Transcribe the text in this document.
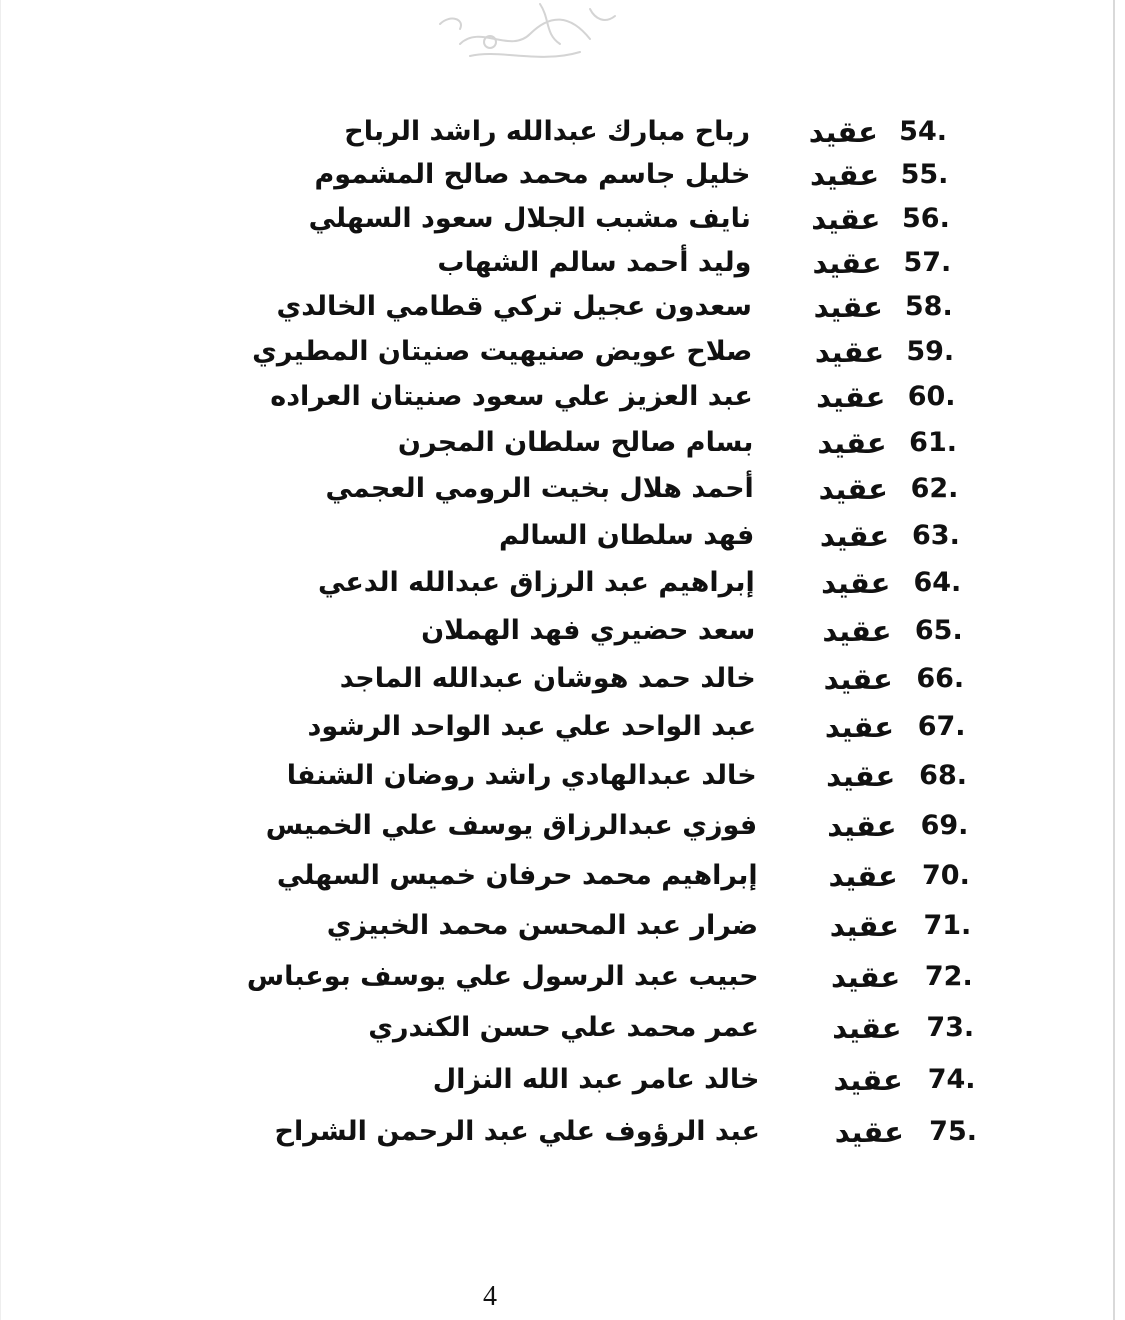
54.
عقيد
رباح مبارك عبدالله راشد الرباح
55.
عقيد
خليل جاسم محمد صالح المشموم
56.
عقيد
نايف مشبب الجلال سعود السهلي
57.
عقيد
وليد أحمد سالم الشهاب
58.
عقيد
سعدون عجيل تركي قطامي الخالدي
59.
عقيد
صلاح عويض صنيهيت صنيتان المطيري
60.
عقيد
عبد العزيز علي سعود صنيتان العراده
61.
عقيد
بسام صالح سلطان المجرن
62.
عقيد
أحمد هلال بخيت الرومي العجمي
63.
عقيد
فهد سلطان السالم
64.
عقيد
إبراهيم عبد الرزاق عبدالله الدعي
65.
عقيد
سعد حضيري فهد الهملان
66.
عقيد
خالد حمد هوشان عبدالله الماجد
67.
عقيد
عبد الواحد علي عبد الواحد الرشود
68.
عقيد
خالد عبدالهادي راشد روضان الشنفا
69.
عقيد
فوزي عبدالرزاق يوسف علي الخميس
70.
عقيد
إبراهيم محمد حرفان خميس السهلي
71.
عقيد
ضرار عبد المحسن محمد الخبيزي
72.
عقيد
حبيب عبد الرسول علي يوسف بوعباس
73.
عقيد
عمر محمد علي حسن الكندري
74.
عقيد
خالد عامر عبد الله النزال
75.
عقيد
عبد الرؤوف علي عبد الرحمن الشراح
4
